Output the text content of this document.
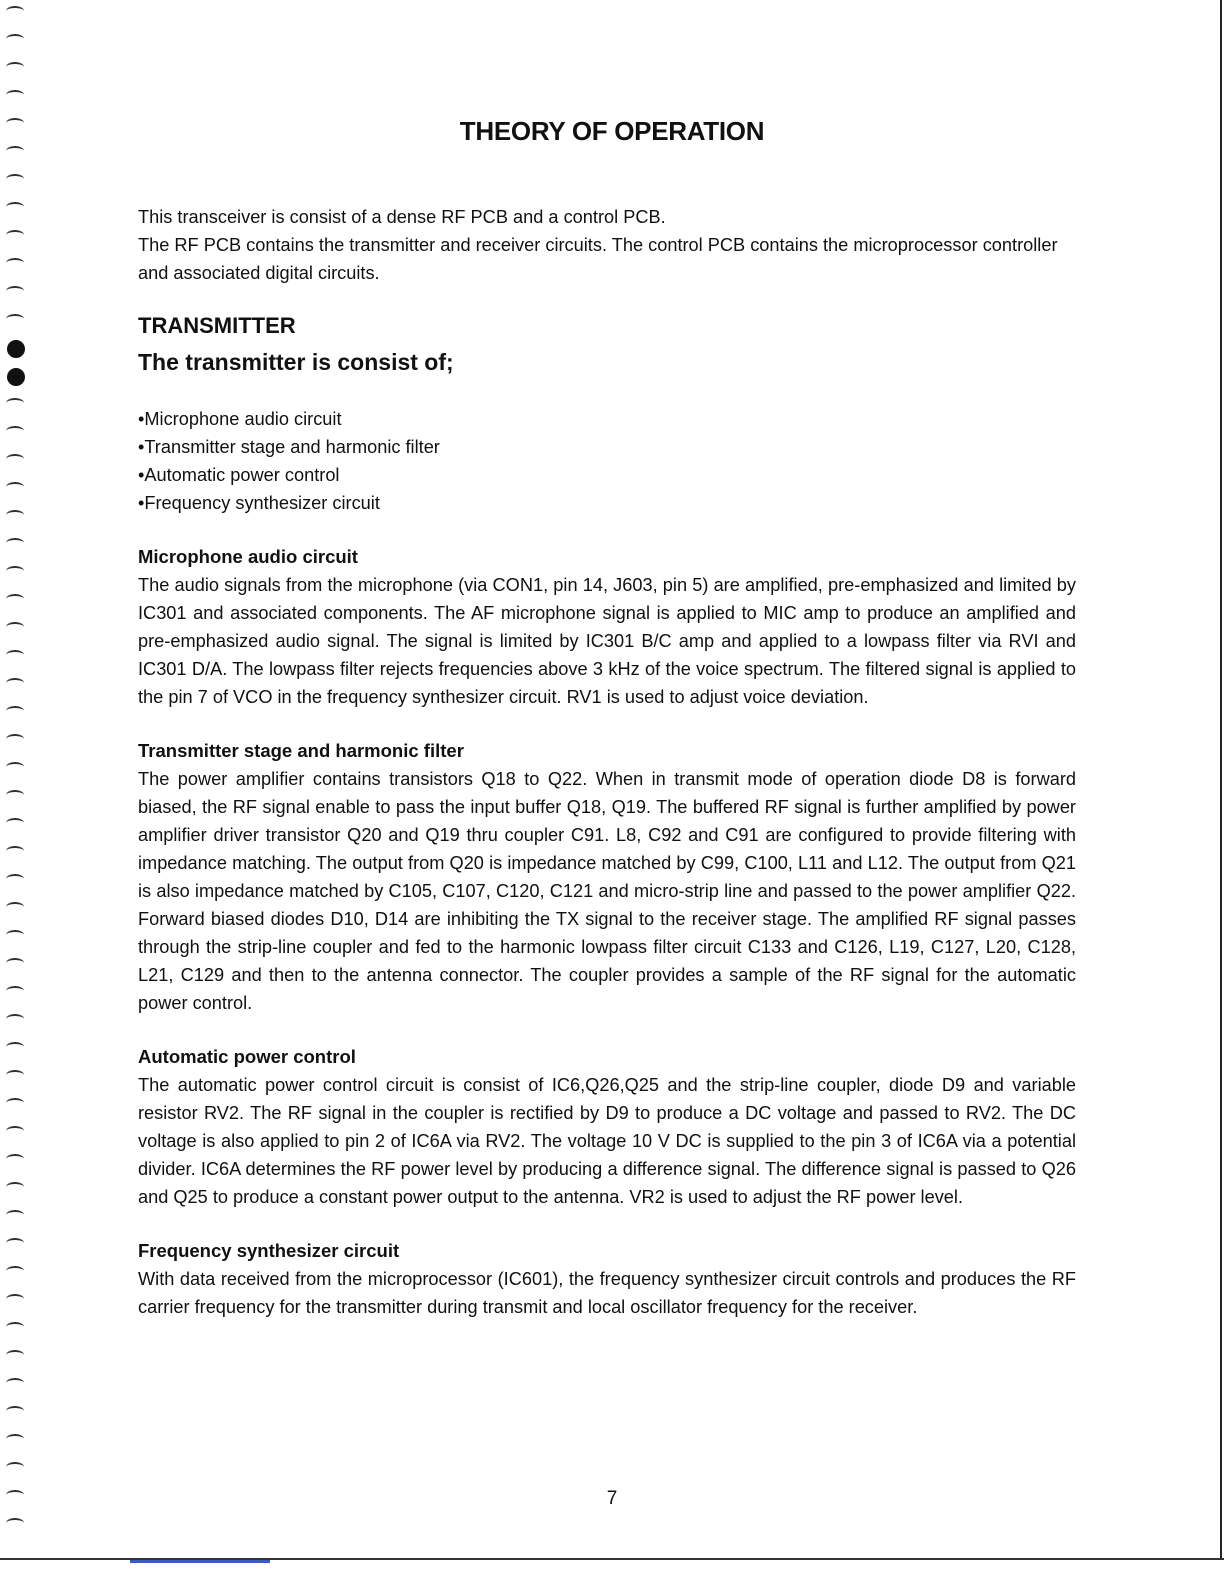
THEORY OF OPERATION

This transceiver is consist of a dense RF PCB and a control PCB.

The RF PCB contains the transmitter and receiver circuits. The control PCB contains the microprocessor controller and associated digital circuits.

TRANSMITTER
The transmitter is consist of;
• Microphone audio circuit
• Transmitter stage and harmonic filter
• Automatic power control
• Frequency synthesizer circuit
Microphone audio circuit

The audio signals from the microphone (via CON1, pin 14, J603, pin 5) are amplified, pre-emphasized and limited by IC301 and associated components. The AF microphone signal is applied to MIC amp to produce an amplified and pre-emphasized audio signal. The signal is limited by IC301 B/C amp and applied to a lowpass filter via RVI and IC301 D/A. The lowpass filter rejects frequencies above 3 kHz of the voice spectrum. The filtered signal is applied to the pin 7 of VCO in the frequency synthesizer circuit. RV1 is used to adjust voice deviation.

Transmitter stage and harmonic filter

The power amplifier contains transistors Q18 to Q22. When in transmit mode of operation diode D8 is forward biased, the RF signal enable to pass the input buffer Q18, Q19. The buffered RF signal is further amplified by power amplifier driver transistor Q20 and Q19 thru coupler C91. L8, C92 and C91 are configured to provide filtering with impedance matching. The output from Q20 is impedance matched by C99, C100, L11 and L12. The output from Q21 is also impedance matched by C105, C107, C120, C121 and micro-strip line and passed to the power amplifier Q22. Forward biased diodes D10, D14 are inhibiting the TX signal to the receiver stage. The amplified RF signal passes through the strip-line coupler and fed to the harmonic lowpass filter circuit C133 and C126, L19, C127, L20, C128, L21, C129 and then to the antenna connector. The coupler provides a sample of the RF signal for the automatic power control.

Automatic power control

The automatic power control circuit is consist of IC6,Q26,Q25 and the strip-line coupler, diode D9 and variable resistor RV2. The RF signal in the coupler is rectified by D9 to produce a DC voltage and passed to RV2. The DC voltage is also applied to pin 2 of IC6A via RV2. The voltage 10 V DC is supplied to the pin 3 of IC6A via a potential divider. IC6A determines the RF power level by producing a difference signal. The difference signal is passed to Q26 and Q25 to produce a constant power output to the antenna. VR2 is used to adjust the RF power level.

Frequency synthesizer circuit

With data received from the microprocessor (IC601), the frequency synthesizer circuit controls and produces the RF carrier frequency for the transmitter during transmit and local oscillator frequency for the receiver.

7
